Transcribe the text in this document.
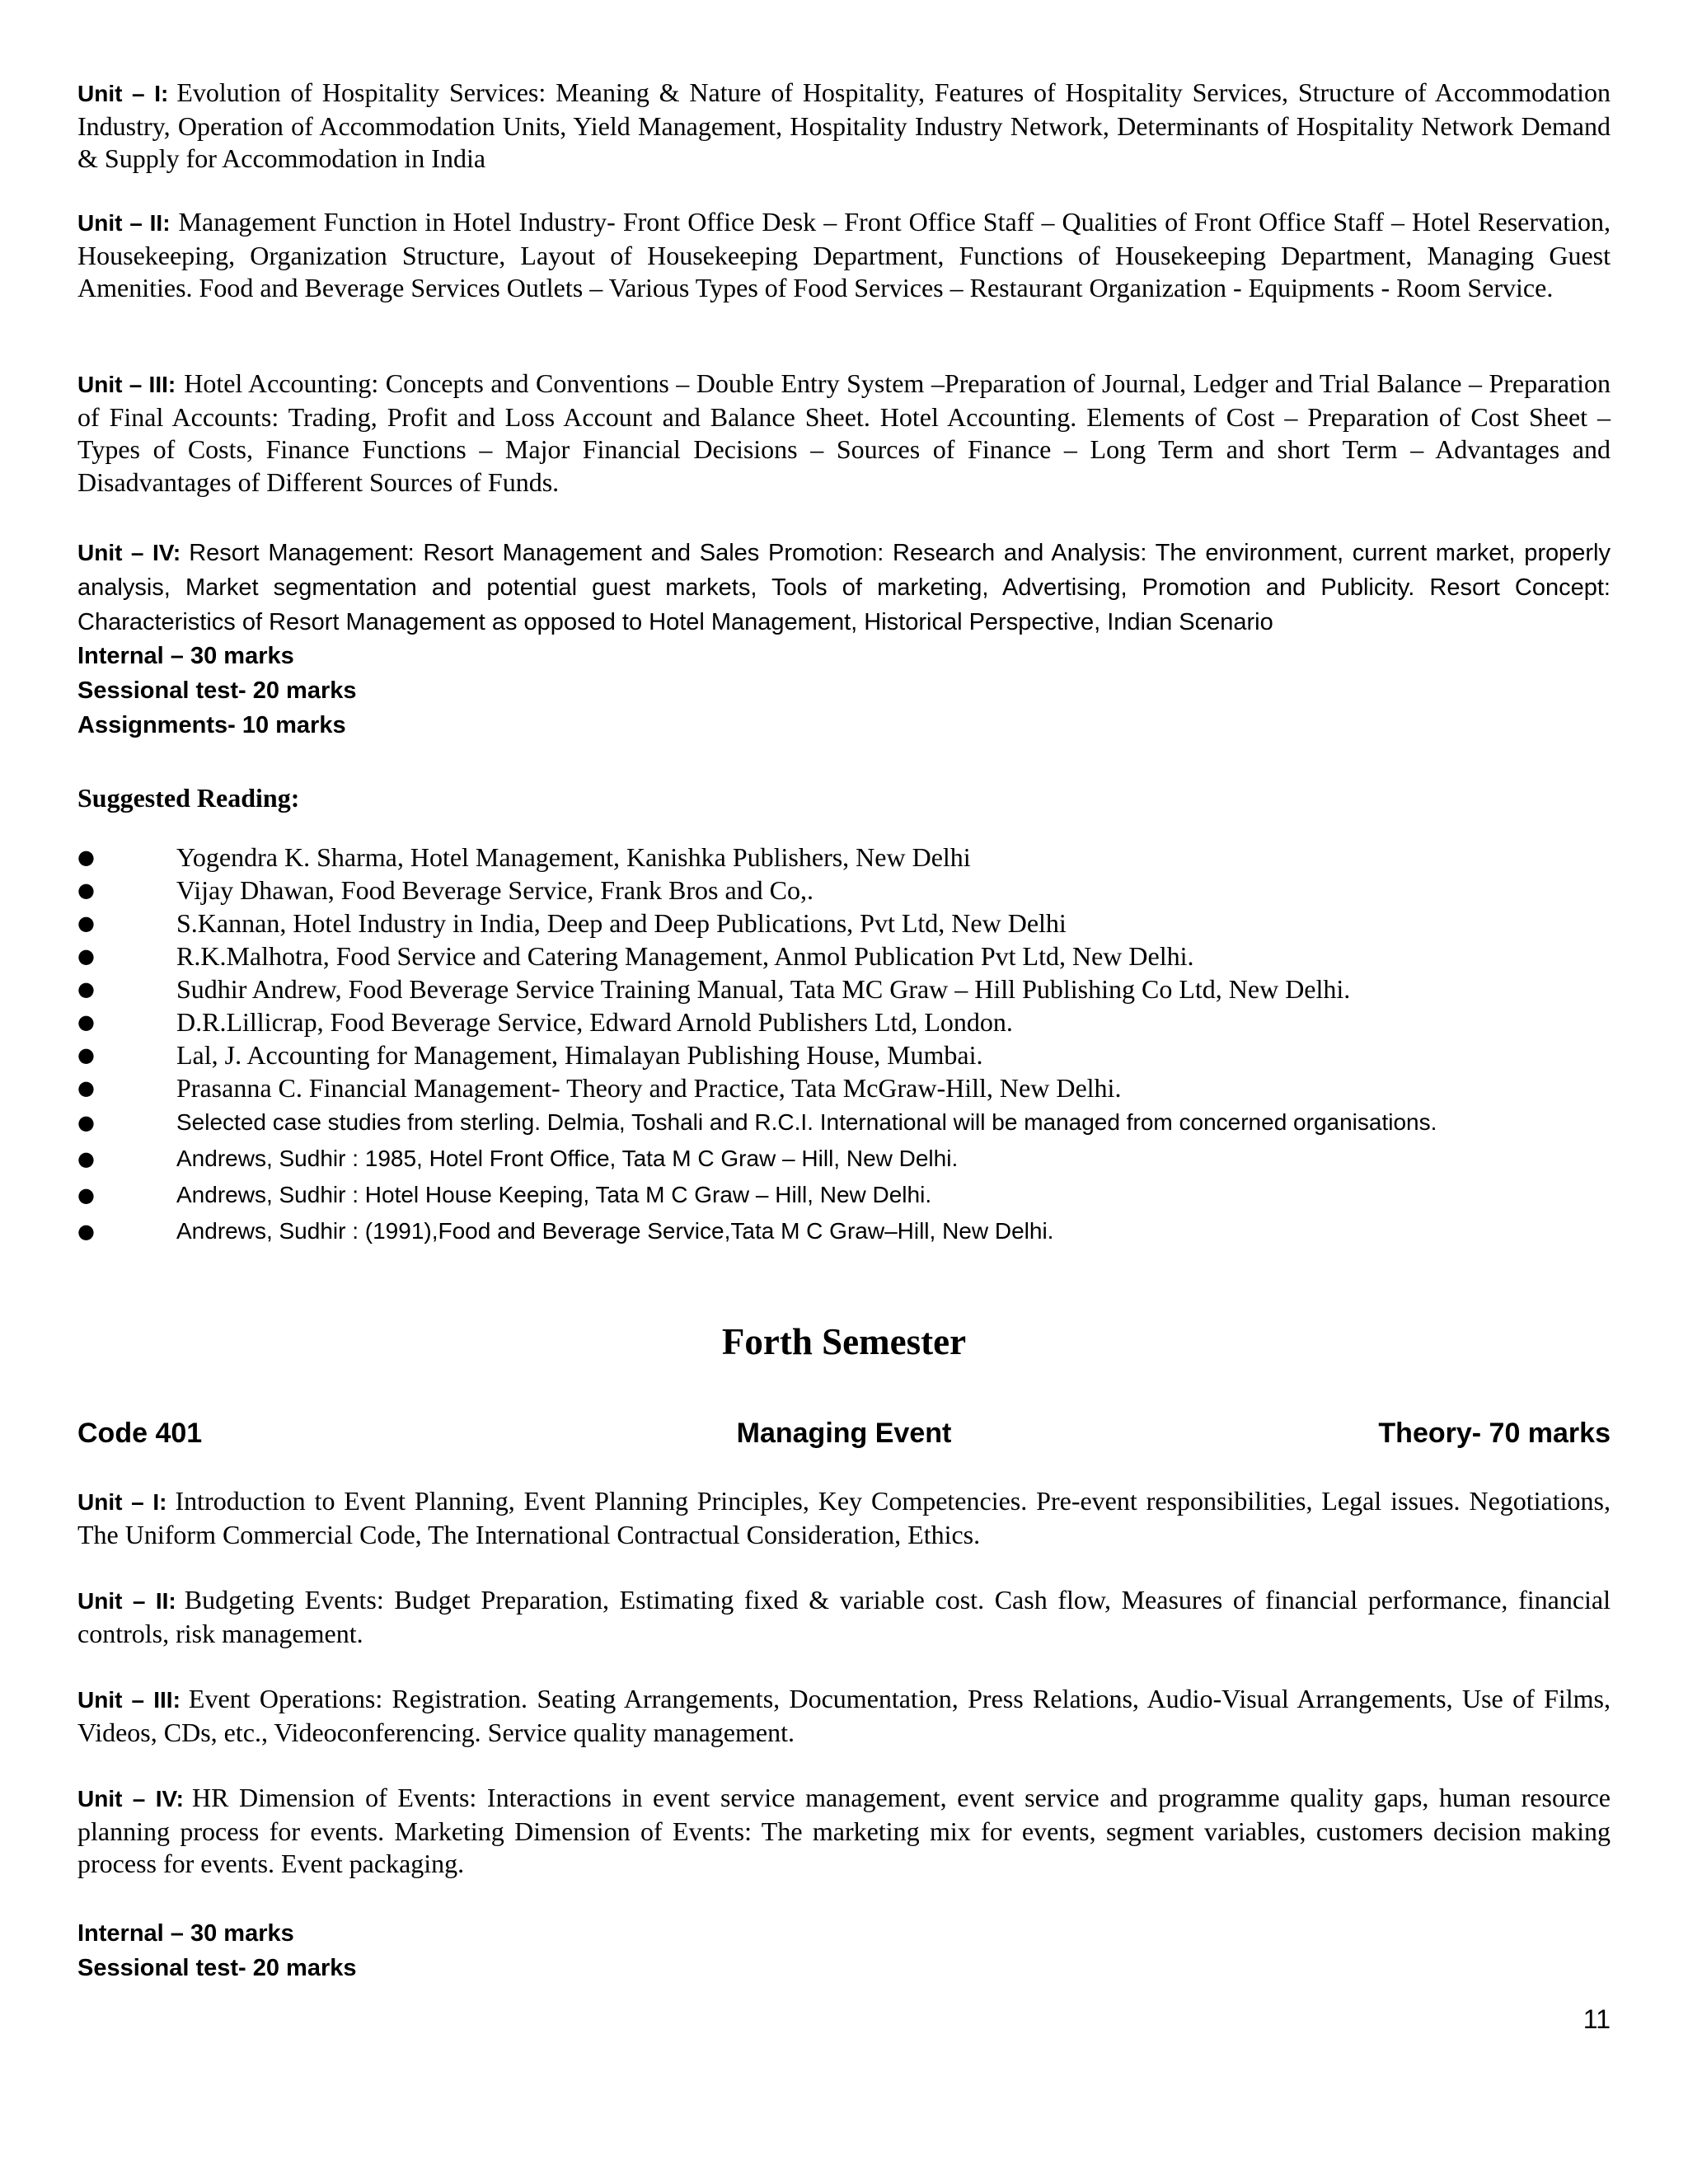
Unit – I: Evolution of Hospitality Services: Meaning & Nature of Hospitality, Features of Hospitality Services, Structure of Accommodation Industry, Operation of Accommodation Units, Yield Management, Hospitality Industry Network, Determinants of Hospitality Network Demand & Supply for Accommodation in India
Unit – II: Management Function in Hotel Industry- Front Office Desk – Front Office Staff – Qualities of Front Office Staff – Hotel Reservation, Housekeeping, Organization Structure, Layout of Housekeeping Department, Functions of Housekeeping Department, Managing Guest Amenities. Food and Beverage Services Outlets – Various Types of Food Services – Restaurant Organization - Equipments - Room Service.
Unit – III: Hotel Accounting: Concepts and Conventions – Double Entry System –Preparation of Journal, Ledger and Trial Balance – Preparation of Final Accounts: Trading, Profit and Loss Account and Balance Sheet. Hotel Accounting. Elements of Cost – Preparation of Cost Sheet – Types of Costs, Finance Functions – Major Financial Decisions – Sources of Finance – Long Term and short Term – Advantages and Disadvantages of Different Sources of Funds.
Unit – IV: Resort Management: Resort Management and Sales Promotion: Research and Analysis: The environment, current market, properly analysis, Market segmentation and potential guest markets, Tools of marketing, Advertising, Promotion and Publicity. Resort Concept: Characteristics of Resort Management as opposed to Hotel Management, Historical Perspective, Indian Scenario
Internal – 30 marks
Sessional test- 20 marks
Assignments- 10 marks
Suggested Reading:
●	Yogendra K. Sharma, Hotel Management, Kanishka Publishers, New Delhi
●	Vijay Dhawan, Food Beverage Service, Frank Bros and Co,.
●	S.Kannan, Hotel Industry in India, Deep and Deep Publications, Pvt Ltd, New Delhi
●	R.K.Malhotra, Food Service and Catering Management, Anmol Publication Pvt Ltd, New Delhi.
●	Sudhir Andrew, Food Beverage Service Training Manual, Tata MC Graw – Hill Publishing Co Ltd, New Delhi.
●	D.R.Lillicrap, Food Beverage Service, Edward Arnold Publishers Ltd, London.
●	Lal, J. Accounting for Management, Himalayan Publishing House, Mumbai.
●	Prasanna C. Financial Management- Theory and Practice, Tata McGraw-Hill, New Delhi.
●	Selected case studies from sterling. Delmia, Toshali and R.C.I. International will be managed from concerned organisations.
●	Andrews, Sudhir : 1985, Hotel Front Office, Tata M C Graw – Hill, New Delhi.
●	Andrews, Sudhir : Hotel House Keeping, Tata M C Graw – Hill, New Delhi.
●	Andrews, Sudhir : (1991),Food and Beverage Service,Tata M C Graw–Hill, New Delhi.
Forth Semester
Code 401	Managing Event	Theory- 70 marks
Unit – I: Introduction to Event Planning, Event Planning Principles, Key Competencies. Pre-event responsibilities, Legal issues. Negotiations, The Uniform Commercial Code, The International Contractual Consideration, Ethics.
Unit – II: Budgeting Events: Budget Preparation, Estimating fixed & variable cost. Cash flow, Measures of financial performance, financial controls, risk management.
Unit – III: Event Operations: Registration. Seating Arrangements, Documentation, Press Relations, Audio-Visual Arrangements, Use of Films, Videos, CDs, etc., Videoconferencing. Service quality management.
Unit – IV: HR Dimension of Events: Interactions in event service management, event service and programme quality gaps, human resource planning process for events. Marketing Dimension of Events: The marketing mix for events, segment variables, customers decision making process for events. Event packaging.
Internal – 30 marks
Sessional test- 20 marks
11
